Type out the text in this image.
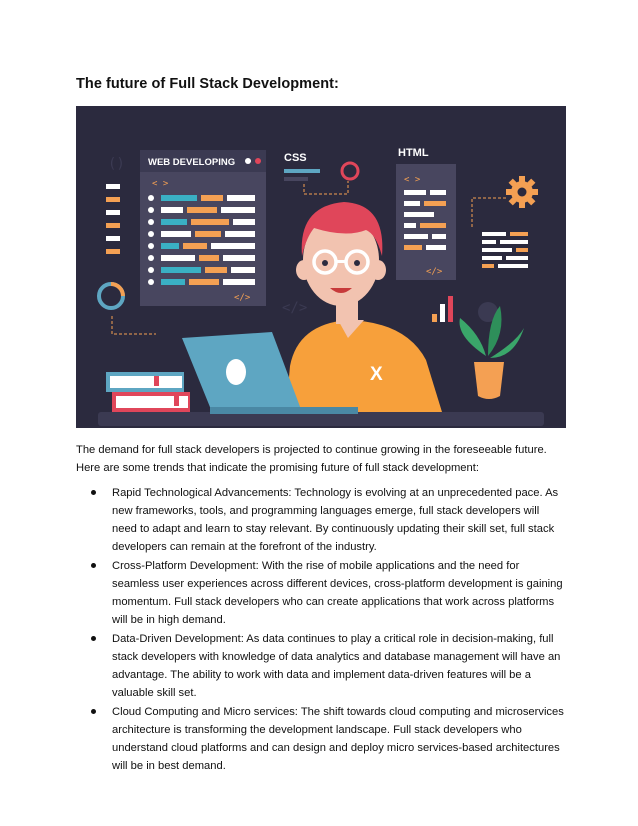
The future of Full Stack Development:
() WEB DEVELOPING
< >
</>
CSS	HTML
< >
</>
</>
X

The demand for full stack developers is projected to continue growing in the foreseeable future. Here are some trends that indicate the promising future of full stack development:

Rapid Technological Advancements: Technology is evolving at an unprecedented pace. As new frameworks, tools, and programming languages emerge, full stack developers will need to adapt and learn to stay relevant. By continuously updating their skill set, full stack developers can remain at the forefront of the industry.
Cross-Platform Development: With the rise of mobile applications and the need for seamless user experiences across different devices, cross-platform development is gaining momentum. Full stack developers who can create applications that work across platforms will be in high demand.
Data-Driven Development: As data continues to play a critical role in decision-making, full stack developers with knowledge of data analytics and database management will have an advantage. The ability to work with data and implement data-driven features will be a valuable skill set.
Cloud Computing and Micro services: The shift towards cloud computing and microservices architecture is transforming the development landscape. Full stack developers who understand cloud platforms and can design and deploy micro services-based architectures will be in best demand.
